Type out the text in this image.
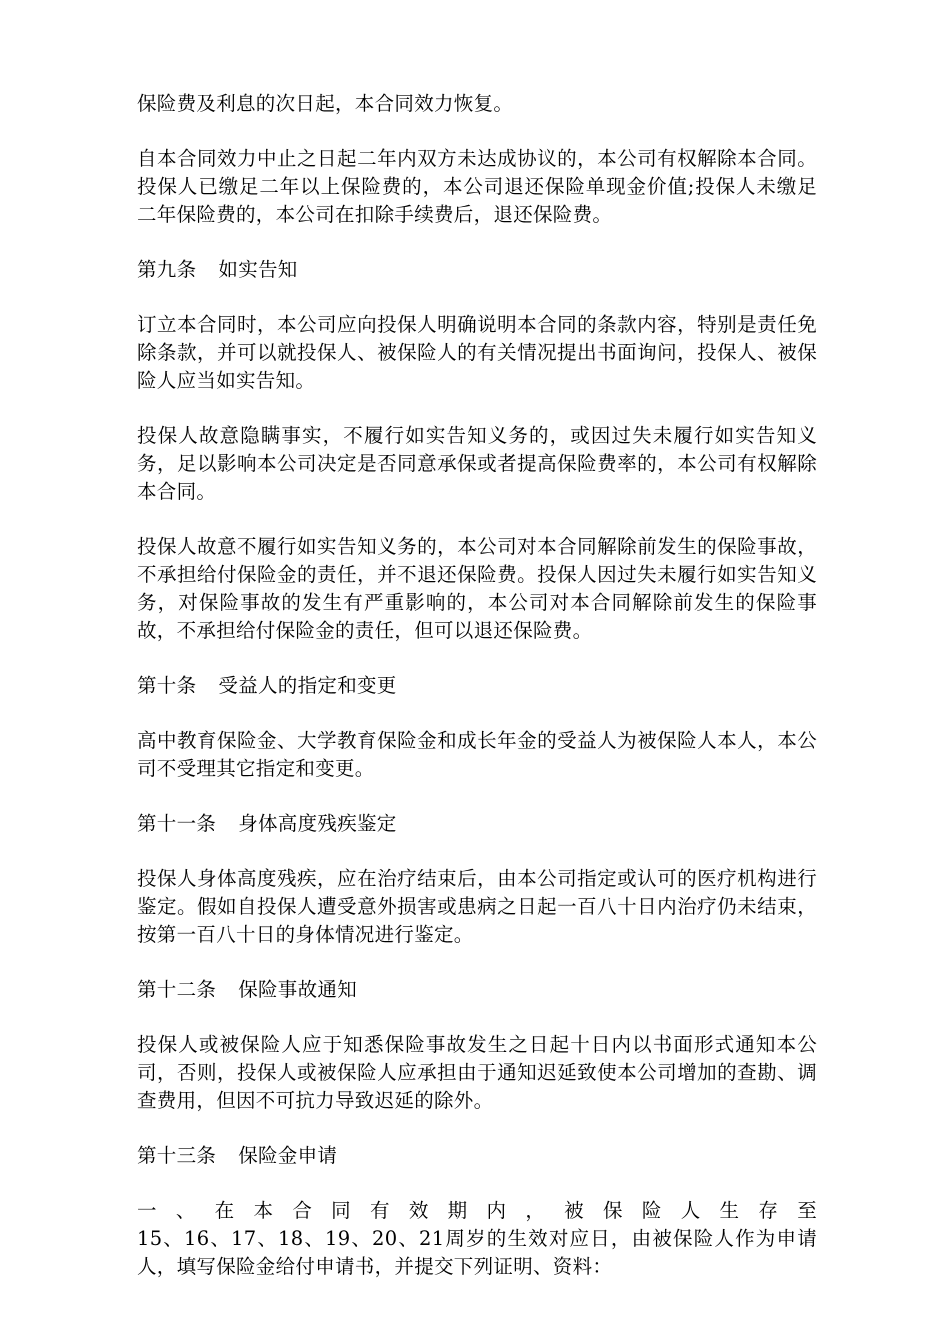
保险费及利息的次日起，本合同效力恢复。

自本合同效力中止之日起二年内双方未达成协议的，本公司有权解除本合同。投保人已缴足二年以上保险费的，本公司退还保险单现金价值;投保人未缴足二年保险费的，本公司在扣除手续费后，退还保险费。

第九条 如实告知

订立本合同时，本公司应向投保人明确说明本合同的条款内容，特别是责任免除条款，并可以就投保人、被保险人的有关情况提出书面询问，投保人、被保险人应当如实告知。

投保人故意隐瞒事实，不履行如实告知义务的，或因过失未履行如实告知义务，足以影响本公司决定是否同意承保或者提高保险费率的，本公司有权解除本合同。

投保人故意不履行如实告知义务的，本公司对本合同解除前发生的保险事故，不承担给付保险金的责任，并不退还保险费。投保人因过失未履行如实告知义务，对保险事故的发生有严重影响的，本公司对本合同解除前发生的保险事故，不承担给付保险金的责任，但可以退还保险费。

第十条 受益人的指定和变更

高中教育保险金、大学教育保险金和成长年金的受益人为被保险人本人，本公司不受理其它指定和变更。

第十一条 身体高度残疾鉴定

投保人身体高度残疾，应在治疗结束后，由本公司指定或认可的医疗机构进行鉴定。假如自投保人遭受意外损害或患病之日起一百八十日内治疗仍未结束，按第一百八十日的身体情况进行鉴定。

第十二条 保险事故通知

投保人或被保险人应于知悉保险事故发生之日起十日内以书面形式通知本公司，否则，投保人或被保险人应承担由于通知迟延致使本公司增加的查勘、调查费用，但因不可抗力导致迟延的除外。

第十三条 保险金申请

一、在本合同有效期内，被保险人生存至

15、16、17、18、19、20、21周岁的生效对应日，由被保险人作为申请人，填写保险金给付申请书，并提交下列证明、资料：
